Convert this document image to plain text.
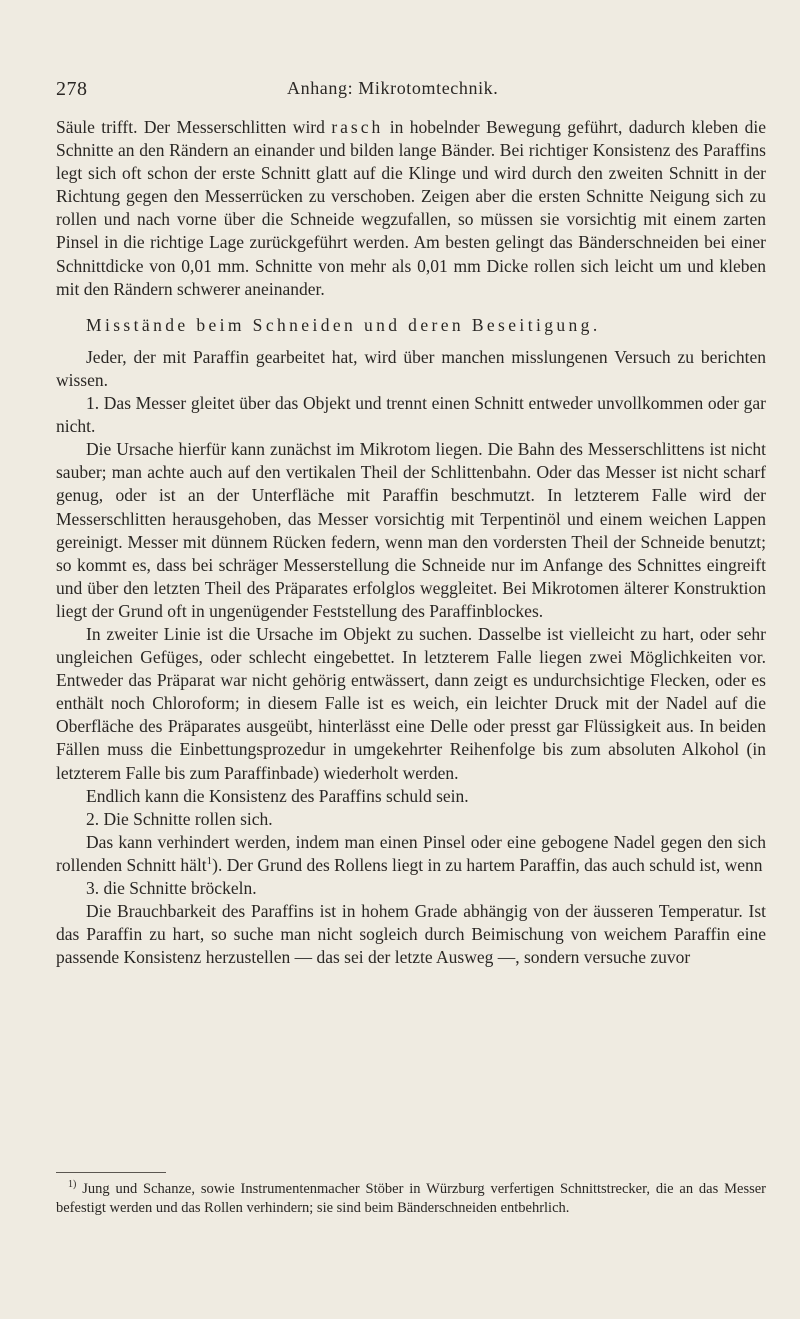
278	Anhang: Mikrotomtechnik.

Säule trifft. Der Messerschlitten wird rasch in hobelnder Bewegung geführt, dadurch kleben die Schnitte an den Rändern an einander und bilden lange Bänder. Bei richtiger Konsistenz des Paraffins legt sich oft schon der erste Schnitt glatt auf die Klinge und wird durch den zweiten Schnitt in der Richtung gegen den Messerrücken zu verschoben. Zeigen aber die ersten Schnitte Neigung sich zu rollen und nach vorne über die Schneide wegzufallen, so müssen sie vorsichtig mit einem zarten Pinsel in die richtige Lage zurückgeführt werden. Am besten gelingt das Bänderschneiden bei einer Schnittdicke von 0,01 mm. Schnitte von mehr als 0,01 mm Dicke rollen sich leicht um und kleben mit den Rändern schwerer aneinander.

Misstände beim Schneiden und deren Beseitigung.

Jeder, der mit Paraffin gearbeitet hat, wird über manchen misslungenen Versuch zu berichten wissen.

1. Das Messer gleitet über das Objekt und trennt einen Schnitt entweder unvollkommen oder gar nicht.

Die Ursache hierfür kann zunächst im Mikrotom liegen. Die Bahn des Messerschlittens ist nicht sauber; man achte auch auf den vertikalen Theil der Schlittenbahn. Oder das Messer ist nicht scharf genug, oder ist an der Unterfläche mit Paraffin beschmutzt. In letzterem Falle wird der Messerschlitten herausgehoben, das Messer vorsichtig mit Terpentinöl und einem weichen Lappen gereinigt. Messer mit dünnem Rücken federn, wenn man den vordersten Theil der Schneide benutzt; so kommt es, dass bei schräger Messerstellung die Schneide nur im Anfange des Schnittes eingreift und über den letzten Theil des Präparates erfolglos weggleitet. Bei Mikrotomen älterer Konstruktion liegt der Grund oft in ungenügender Feststellung des Paraffinblockes.

In zweiter Linie ist die Ursache im Objekt zu suchen. Dasselbe ist vielleicht zu hart, oder sehr ungleichen Gefüges, oder schlecht eingebettet. In letzterem Falle liegen zwei Möglichkeiten vor. Entweder das Präparat war nicht gehörig entwässert, dann zeigt es undurchsichtige Flecken, oder es enthält noch Chloroform; in diesem Falle ist es weich, ein leichter Druck mit der Nadel auf die Oberfläche des Präparates ausgeübt, hinterlässt eine Delle oder presst gar Flüssigkeit aus. In beiden Fällen muss die Einbettungsprozedur in umgekehrter Reihenfolge bis zum absoluten Alkohol (in letzterem Falle bis zum Paraffinbade) wiederholt werden.

Endlich kann die Konsistenz des Paraffins schuld sein.

2. Die Schnitte rollen sich.

Das kann verhindert werden, indem man einen Pinsel oder eine gebogene Nadel gegen den sich rollenden Schnitt hält$^1$). Der Grund des Rollens liegt in zu hartem Paraffin, das auch schuld ist, wenn

3. die Schnitte bröckeln.

Die Brauchbarkeit des Paraffins ist in hohem Grade abhängig von der äusseren Temperatur. Ist das Paraffin zu hart, so suche man nicht sogleich durch Beimischung von weichem Paraffin eine passende Konsistenz herzustellen — das sei der letzte Ausweg —, sondern versuche zuvor

1) Jung und Schanze, sowie Instrumentenmacher Stöber in Würzburg verfertigen Schnittstrecker, die an das Messer befestigt werden und das Rollen verhindern; sie sind beim Bänderschneiden entbehrlich.
